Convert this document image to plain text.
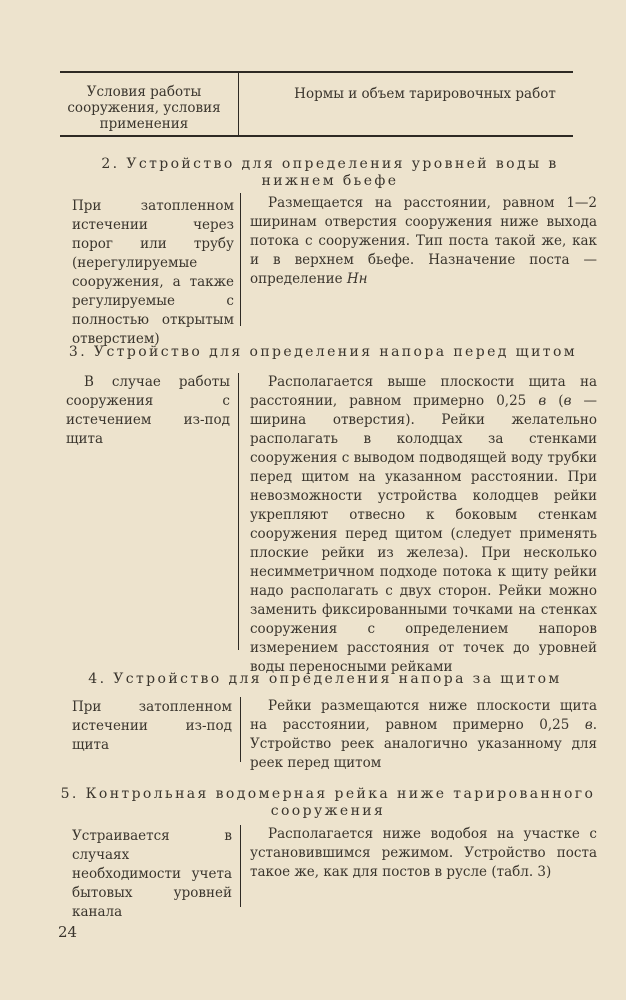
Условия работы сооружения, условия применения
Нормы и объем тарировочных работ
2. Устройство для определения уровней воды в нижнем бьефе
При затопленном истечении через порог или трубу (нерегулируемые сооружения, а также регулируемые с полностью открытым отверстием)
Размещается на расстоянии, равном 1—2 ширинам отверстия сооружения ниже выхода потока с сооружения. Тип поста такой же, как и в верхнем бьефе. Назначение поста — определение Hн
3. Устройство для определения напора перед щитом
В случае работы сооружения с истечением из-под щита
Располагается выше плоскости щита на расстоянии, равном примерно 0,25 в (в — ширина отверстия). Рейки желательно располагать в колодцах за стенками сооружения с выводом подводящей воду трубки перед щитом на указанном расстоянии. При невозможности устройства колодцев рейки укрепляют отвесно к боковым стенкам сооружения перед щитом (следует применять плоские рейки из железа). При несколько несимметричном подходе потока к щиту рейки надо располагать с двух сторон. Рейки можно заменить фиксированными точками на стенках сооружения с определением напоров измерением расстояния от точек до уровней воды переносными рейками
4. Устройство для определения напора за щитом
При затопленном истечении из-под щита
Рейки размещаются ниже плоскости щита на расстоянии, равном примерно 0,25 в. Устройство реек аналогично указанному для реек перед щитом
5. Контрольная водомерная рейка ниже тарированного сооружения
Устраивается в случаях необходимости учета бытовых уровней канала
Располагается ниже водобоя на участке с установившимся режимом. Устройство поста такое же, как для постов в русле (табл. 3)
24
